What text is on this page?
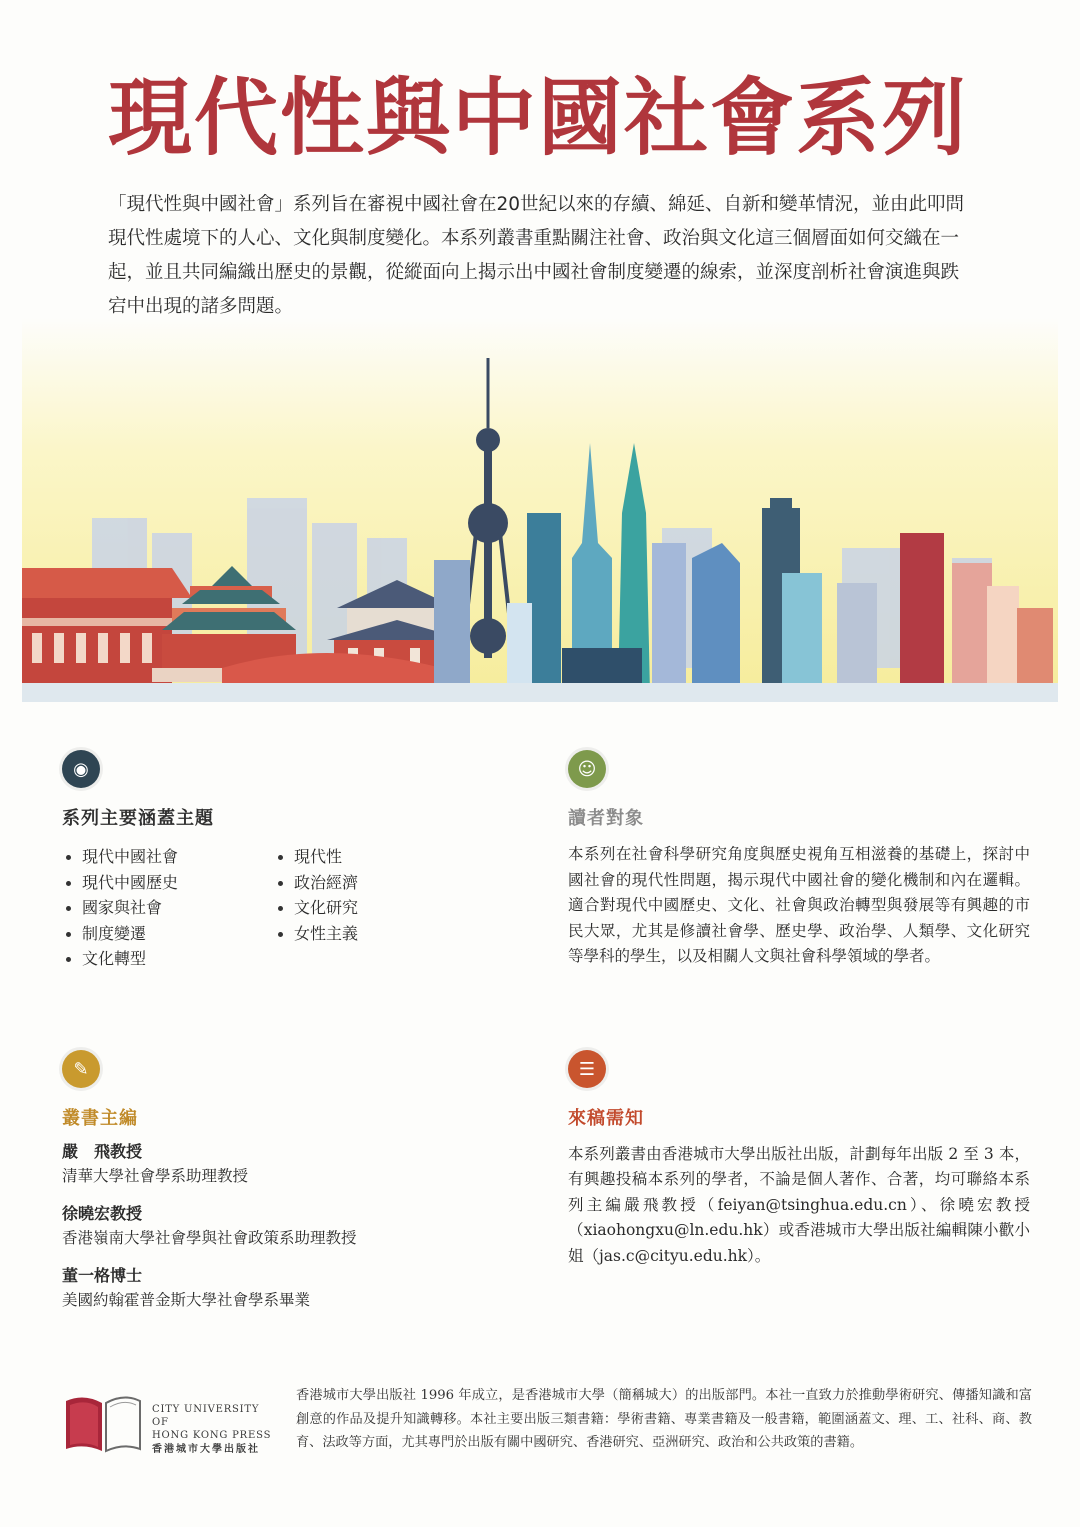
現代性與中國社會系列

「現代性與中國社會」系列旨在審視中國社會在20世紀以來的存續、綿延、自新和變革情況，並由此叩問現代性處境下的人心、文化與制度變化。本系列叢書重點關注社會、政治與文化這三個層面如何交織在一起，並且共同編織出歷史的景觀，從縱面向上揭示出中國社會制度變遷的線索，並深度剖析社會演進與跌宕中出現的諸多問題。

◉
系列主要涵蓋主題
現代中國社會
現代中國歷史
國家與社會
制度變遷
文化轉型
現代性
政治經濟
文化研究
女性主義
☺
讀者對象

本系列在社會科學研究角度與歷史視角互相滋養的基礎上，探討中國社會的現代性問題，揭示現代中國社會的變化機制和內在邏輯。適合對現代中國歷史、文化、社會與政治轉型與發展等有興趣的市民大眾，尤其是修讀社會學、歷史學、政治學、人類學、文化研究等學科的學生，以及相關人文與社會科學領域的學者。

✎
叢書主編
嚴　飛教授
清華大學社會學系助理教授
徐曉宏教授
香港嶺南大學社會學與社會政策系助理教授
董一格博士
美國約翰霍普金斯大學社會學系畢業
☰
來稿需知

本系列叢書由香港城市大學出版社出版，計劃每年出版 2 至 3 本，有興趣投稿本系列的學者，不論是個人著作、合著，均可聯絡本系列主編嚴飛教授（feiyan@tsinghua.edu.cn）、徐曉宏教授（xiaohongxu@ln.edu.hk）或香港城市大學出版社編輯陳小歡小姐（jas.c@cityu.edu.hk）。

CITY UNIVERSITY OF
HONG KONG PRESS
香港城市大學出版社

香港城市大學出版社 1996 年成立，是香港城市大學（簡稱城大）的出版部門。本社一直致力於推動學術研究、傳播知識和富創意的作品及提升知識轉移。本社主要出版三類書籍：學術書籍、專業書籍及一般書籍，範圍涵蓋文、理、工、社科、商、教育、法政等方面，尤其專門於出版有關中國研究、香港研究、亞洲研究、政治和公共政策的書籍。
